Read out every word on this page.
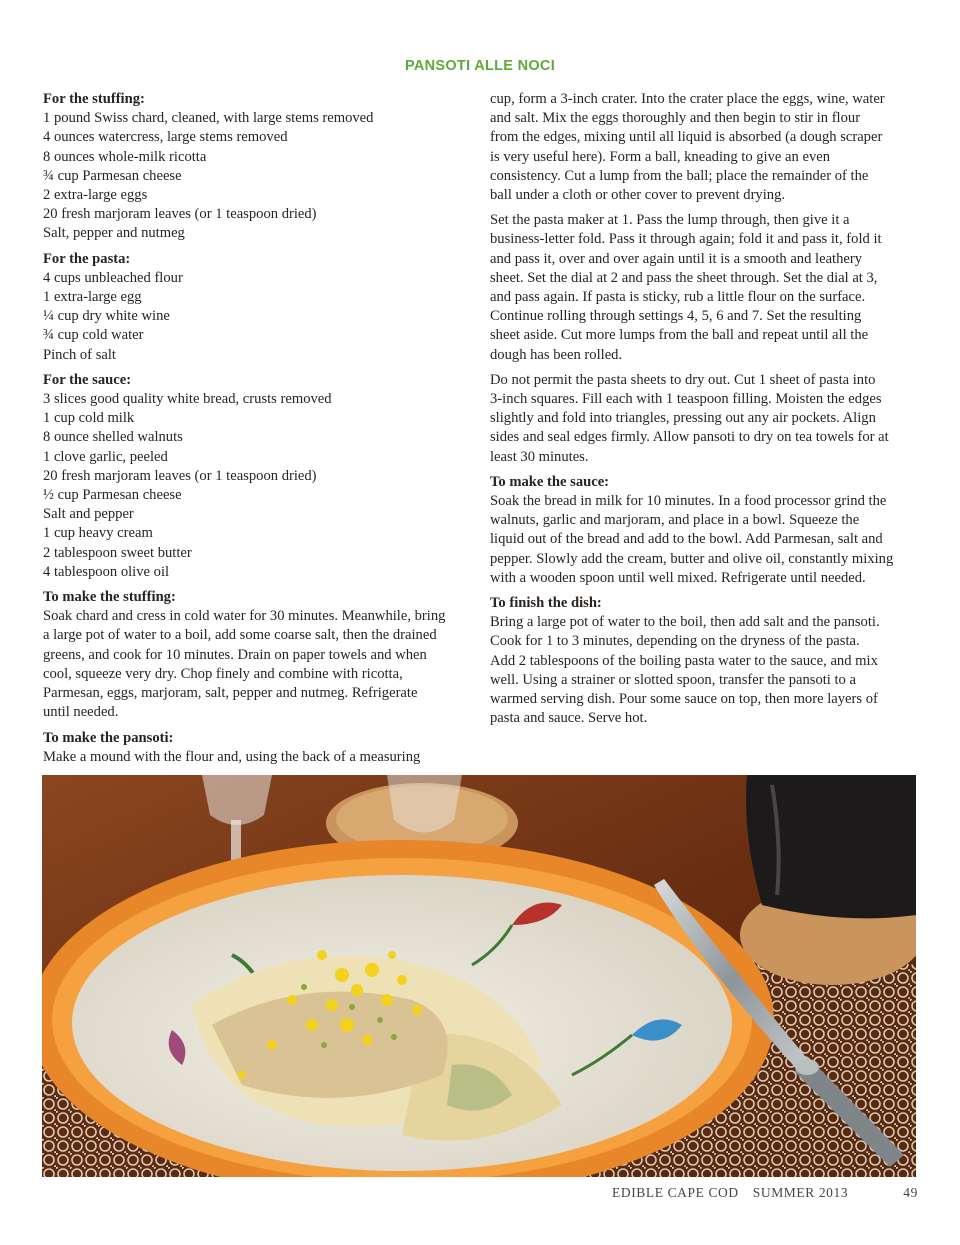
PANSOTI ALLE NOCI

For the stuffing:

1 pound Swiss chard, cleaned, with large stems removed

4 ounces watercress, large stems removed

8 ounces whole-milk ricotta

¾ cup Parmesan cheese

2 extra-large eggs

20 fresh marjoram leaves (or 1 teaspoon dried)

Salt, pepper and nutmeg

For the pasta:

4 cups unbleached flour

1 extra-large egg

¼ cup dry white wine

¾ cup cold water

Pinch of salt

For the sauce:

3 slices good quality white bread, crusts removed

1 cup cold milk

8 ounce shelled walnuts

1 clove garlic, peeled

20 fresh marjoram leaves (or 1 teaspoon dried)

½ cup Parmesan cheese

Salt and pepper

1 cup heavy cream

2 tablespoon sweet butter

4 tablespoon olive oil

To make the stuffing:

Soak chard and cress in cold water for 30 minutes. Meanwhile, bring

a large pot of water to a boil, add some coarse salt, then the drained

greens, and cook for 10 minutes. Drain on paper towels and when

cool, squeeze very dry. Chop finely and combine with ricotta,

Parmesan, eggs, marjoram, salt, pepper and nutmeg. Refrigerate

until needed.

To make the pansoti:

Make a mound with the flour and, using the back of a measuring

cup, form a 3-inch crater. Into the crater place the eggs, wine, water

and salt. Mix the eggs thoroughly and then begin to stir in flour

from the edges, mixing until all liquid is absorbed (a dough scraper

is very useful here). Form a ball, kneading to give an even

consistency. Cut a lump from the ball; place the remainder of the

ball under a cloth or other cover to prevent drying.

Set the pasta maker at 1. Pass the lump through, then give it a

business-letter fold. Pass it through again; fold it and pass it, fold it

and pass it, over and over again until it is a smooth and leathery

sheet. Set the dial at 2 and pass the sheet through. Set the dial at 3,

and pass again. If pasta is sticky, rub a little flour on the surface.

Continue rolling through settings 4, 5, 6 and 7. Set the resulting

sheet aside. Cut more lumps from the ball and repeat until all the

dough has been rolled.

Do not permit the pasta sheets to dry out. Cut 1 sheet of pasta into

3-inch squares. Fill each with 1 teaspoon filling. Moisten the edges

slightly and fold into triangles, pressing out any air pockets. Align

sides and seal edges firmly. Allow pansoti to dry on tea towels for at

least 30 minutes.

To make the sauce:

Soak the bread in milk for 10 minutes. In a food processor grind the

walnuts, garlic and marjoram, and place in a bowl. Squeeze the

liquid out of the bread and add to the bowl. Add Parmesan, salt and

pepper. Slowly add the cream, butter and olive oil, constantly mixing

with a wooden spoon until well mixed. Refrigerate until needed.

To finish the dish:

Bring a large pot of water to the boil, then add salt and the pansoti.

Cook for 1 to 3 minutes, depending on the dryness of the pasta.

Add 2 tablespoons of the boiling pasta water to the sauce, and mix

well. Using a strainer or slotted spoon, transfer the pansoti to a

warmed serving dish. Pour some sauce on top, then more layers of

pasta and sauce. Serve hot.

EDIBLE CAPE COD SUMMER 2013	49
